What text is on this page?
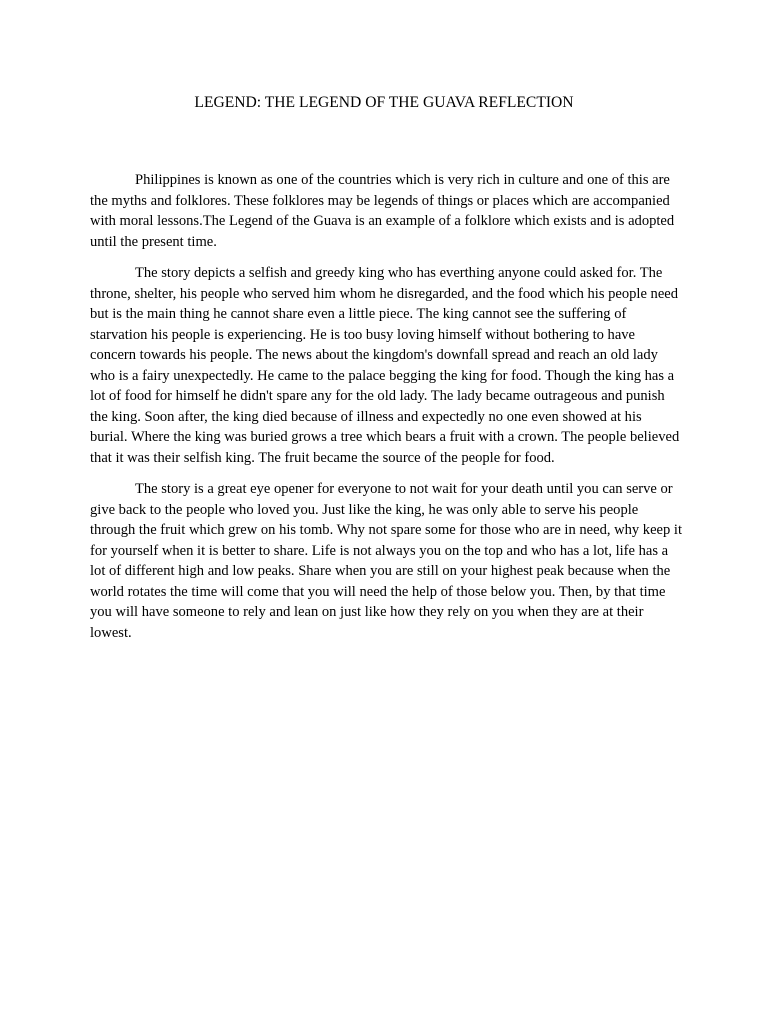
LEGEND: THE LEGEND OF THE GUAVA REFLECTION

Philippines is known as one of the countries which is very rich in culture and one of this are the myths and folklores. These folklores may be legends of things or places which are accompanied with moral lessons.The Legend of the Guava is an example of a folklore which exists and is adopted until the present time.

The story depicts a selfish and greedy king who has everthing anyone could asked for. The throne, shelter, his people who served him whom he disregarded, and the food which his people need but is the main thing he cannot share even a little piece. The king cannot see the suffering of starvation his people is experiencing. He is too busy loving himself without bothering to have concern towards his people. The news about the kingdom's downfall spread and reach an old lady who is a fairy unexpectedly. He came to the palace begging the king for food. Though the king has a lot of food for himself he didn't spare any for the old lady. The lady became outrageous and punish the king. Soon after, the king died because of illness and expectedly no one even showed at his burial. Where the king was buried grows a tree which bears a fruit with a crown. The people believed that it was their selfish king. The fruit became the source of the people for food.

The story is a great eye opener for everyone to not wait for your death until you can serve or give back to the people who loved you. Just like the king, he was only able to serve his people through the fruit which grew on his tomb. Why not spare some for those who are in need, why keep it for yourself when it is better to share. Life is not always you on the top and who has a lot, life has a lot of different high and low peaks. Share when you are still on your highest peak because when the world rotates the time will come that you will need the help of those below you. Then, by that time you will have someone to rely and lean on just like how they rely on you when they are at their lowest.
